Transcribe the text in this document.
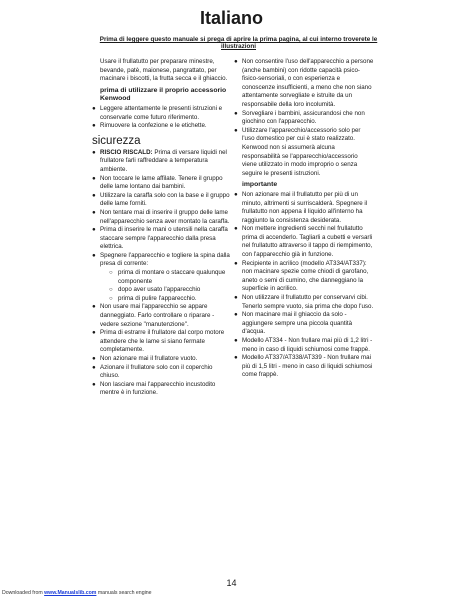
Italiano
Prima di leggere questo manuale si prega di aprire la prima pagina, al cui interno troverete le illustrazioni

Usare il frullatutto per preparare minestre, bevande, patè, maionese, pangrattato, per macinare i biscotti, la frutta secca e il ghiaccio.

prima di utilizzare il proprio accessorio Kenwood
● Leggere attentamente le presenti istruzioni e conservarle come futuro riferimento.
● Rimuovere la confezione e le etichette.
sicurezza
● RISCIO RISCALD: Prima di versare liquidi nel frullatore farli raffreddare a temperatura ambiente.
● Non toccare le lame affilate. Tenere il gruppo delle lame lontano dai bambini.
● Utilizzare la caraffa solo con la base e il gruppo delle lame forniti.
● Non tentare mai di inserire il gruppo delle lame nell'apparecchio senza aver montato la caraffa.
● Prima di inserire le mani o utensili nella caraffa staccare sempre l'apparecchio dalla presa elettrica.
● Spegnere l'apparecchio e togliere la spina dalla presa di corrente:
○ prima di montare o staccare qualunque componente
○ dopo aver usato l'apparecchio
○ prima di pulire l'apparecchio.
● Non usare mai l'apparecchio se appare danneggiato. Farlo controllare o riparare - vedere sezione "manutenzione".
● Prima di estrarre il frullatore dal corpo motore attendere che le lame si siano fermate completamente.
● Non azionare mai il frullatore vuoto.
● Azionare il frullatore solo con il coperchio chiuso.
● Non lasciare mai l'apparecchio incustodito mentre è in funzione.
● Non consentire l'uso dell'apparecchio a persone (anche bambini) con ridotte capacità psico-fisico-sensoriali, o con esperienza e conoscenze insufficienti, a meno che non siano attentamente sorvegliate e istruite da un responsabile della loro incolumità.
● Sorvegliare i bambini, assicurandosi che non giochino con l'apparecchio.
● Utilizzare l'apparecchio/accessorio solo per l'uso domestico per cui è stato realizzato. Kenwood non si assumerà alcuna responsabilità se l'apparecchio/accessorio viene utilizzato in modo improprio o senza seguire le presenti istruzioni.
importante
● Non azionare mai il frullatutto per più di un minuto, altrimenti si surriscalderà. Spegnere il frullatutto non appena il liquido all'interno ha raggiunto la consistenza desiderata.
● Non mettere ingredienti secchi nel frullatutto prima di accenderlo. Tagliarli a cubetti e versarli nel frullatutto attraverso il tappo di riempimento, con l'apparecchio già in funzione.
● Recipiente in acrilico (modello AT334/AT337): non macinare spezie come chiodi di garofano, aneto o semi di cumino, che danneggiano la superficie in acrilico.
● Non utilizzare il frullatutto per conservarvi cibi. Tenerlo sempre vuoto, sia prima che dopo l'uso.
● Non macinare mai il ghiaccio da solo - aggiungere sempre una piccola quantità d'acqua.
● Modello AT334 - Non frullare mai più di 1,2 litri - meno in caso di liquidi schiumosi come frappè.
● Modello AT337/AT338/AT339 - Non frullare mai più di 1,5 litri - meno in caso di liquidi schiumosi come frappè.
14
Downloaded from www.Manualslib.com manuals search engine
